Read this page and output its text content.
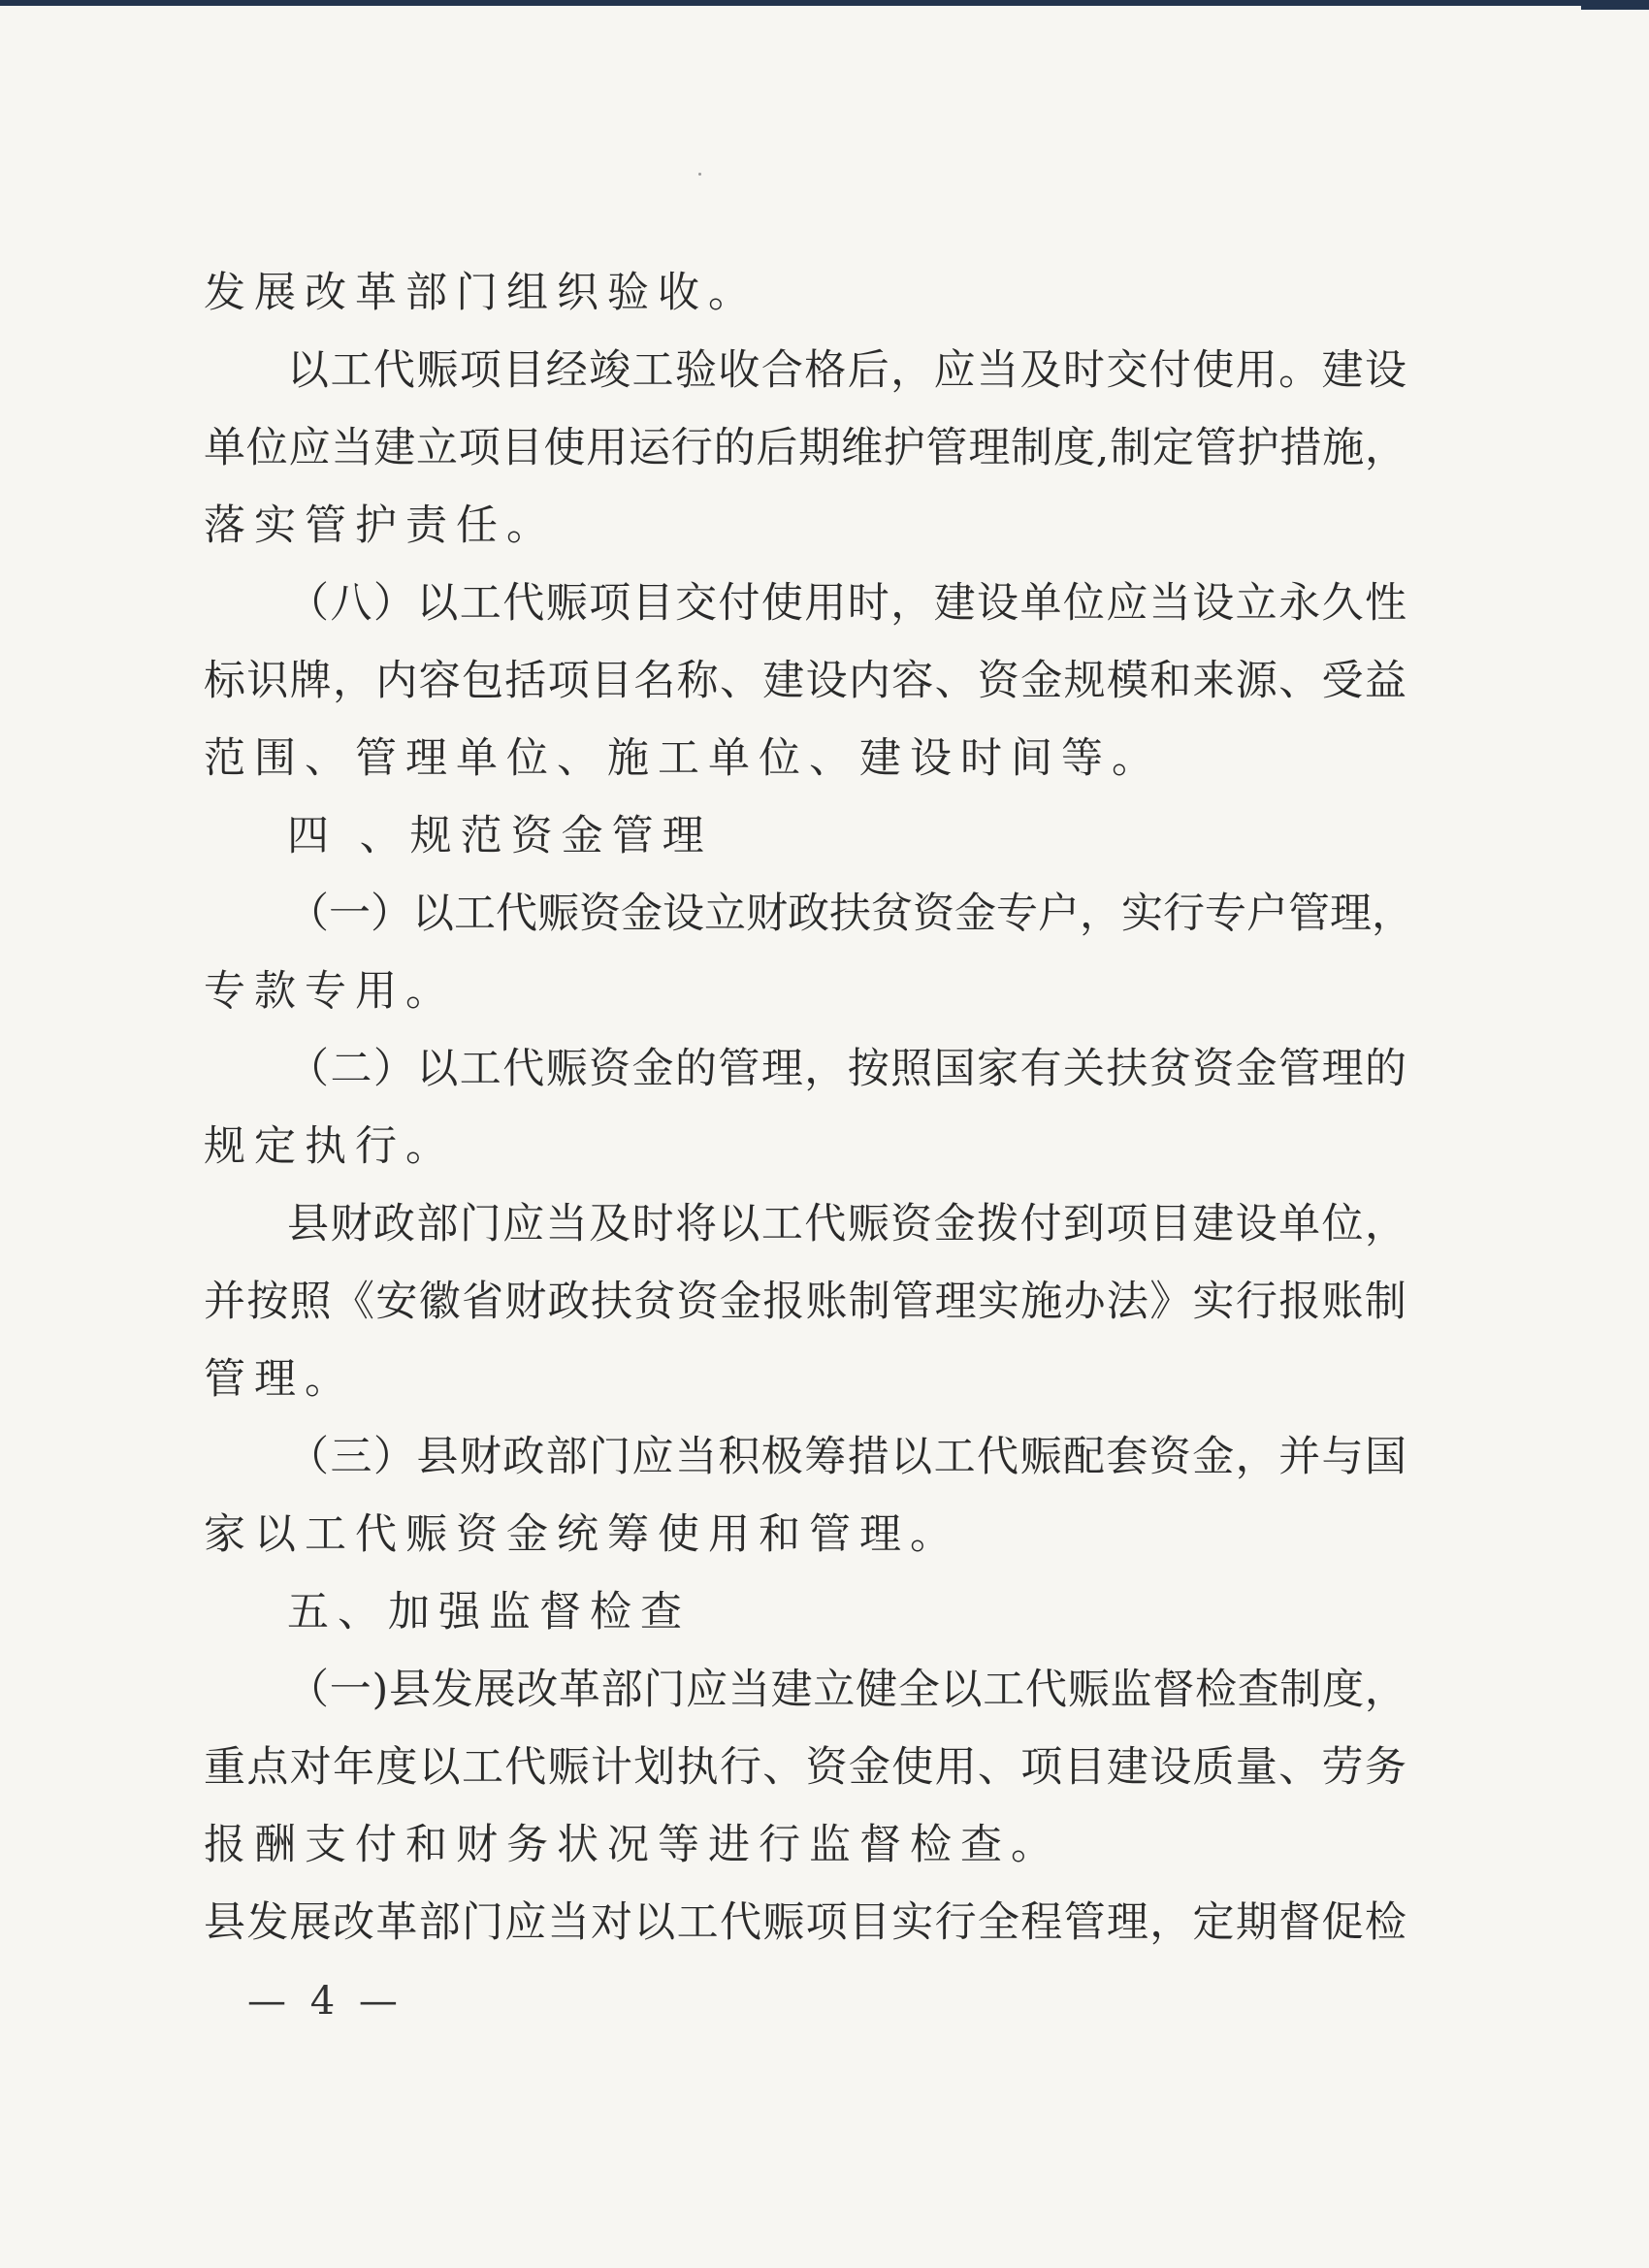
发展改革部门组织验收。
以 工 代 赈 项 目 经 竣 工 验 收 合 格 后 ， 应 当 及 时 交 付 使 用 。 建 设
单 位 应 当 建 立 项 目 使 用 运 行 的 后 期 维 护 管 理 制 度 , 制 定 管 护 措 施 ，
落实管护责任。
（ 八 ） 以 工 代 赈 项 目 交 付 使 用 时 ， 建 设 单 位 应 当 设 立 永 久 性
标 识 牌 ， 内 容 包 括 项 目 名 称 、 建 设 内 容 、 资 金 规 模 和 来 源 、 受 益
范围、管理单位、施工单位、建设时间等。
四 、规范资金管理
（ 一 ） 以 工 代 赈 资 金 设 立 财 政 扶 贫 资 金 专 户 ， 实 行 专 户 管 理 ，
专款专用。
（ 二 ） 以 工 代 赈 资 金 的 管 理 ， 按 照 国 家 有 关 扶 贫 资 金 管 理 的
规定执行。
县 财 政 部 门 应 当 及 时 将 以 工 代 赈 资 金 拨 付 到 项 目 建 设 单 位 ，
并 按 照 《 安 徽 省 财 政 扶 贫 资 金 报 账 制 管 理 实 施 办 法 》 实 行 报 账 制
管理。
（ 三 ） 县 财 政 部 门 应 当 积 极 筹 措 以 工 代 赈 配 套 资 金 ， 并 与 国
家以工代赈资金统筹使用和管理。
五、加强监督检查
（ 一 ) 县 发 展 改 革 部 门 应 当 建 立 健 全 以 工 代 赈 监 督 检 查 制 度 ，
重 点 对 年 度 以 工 代 赈 计 划 执 行 、 资 金 使 用 、 项 目 建 设 质 量 、 劳 务
报酬支付和财务状况等进行监督检查。
县 发 展 改 革 部 门 应 当 对 以 工 代 赈 项 目 实 行 全 程 管 理 ， 定 期 督 促 检
— 4 —
